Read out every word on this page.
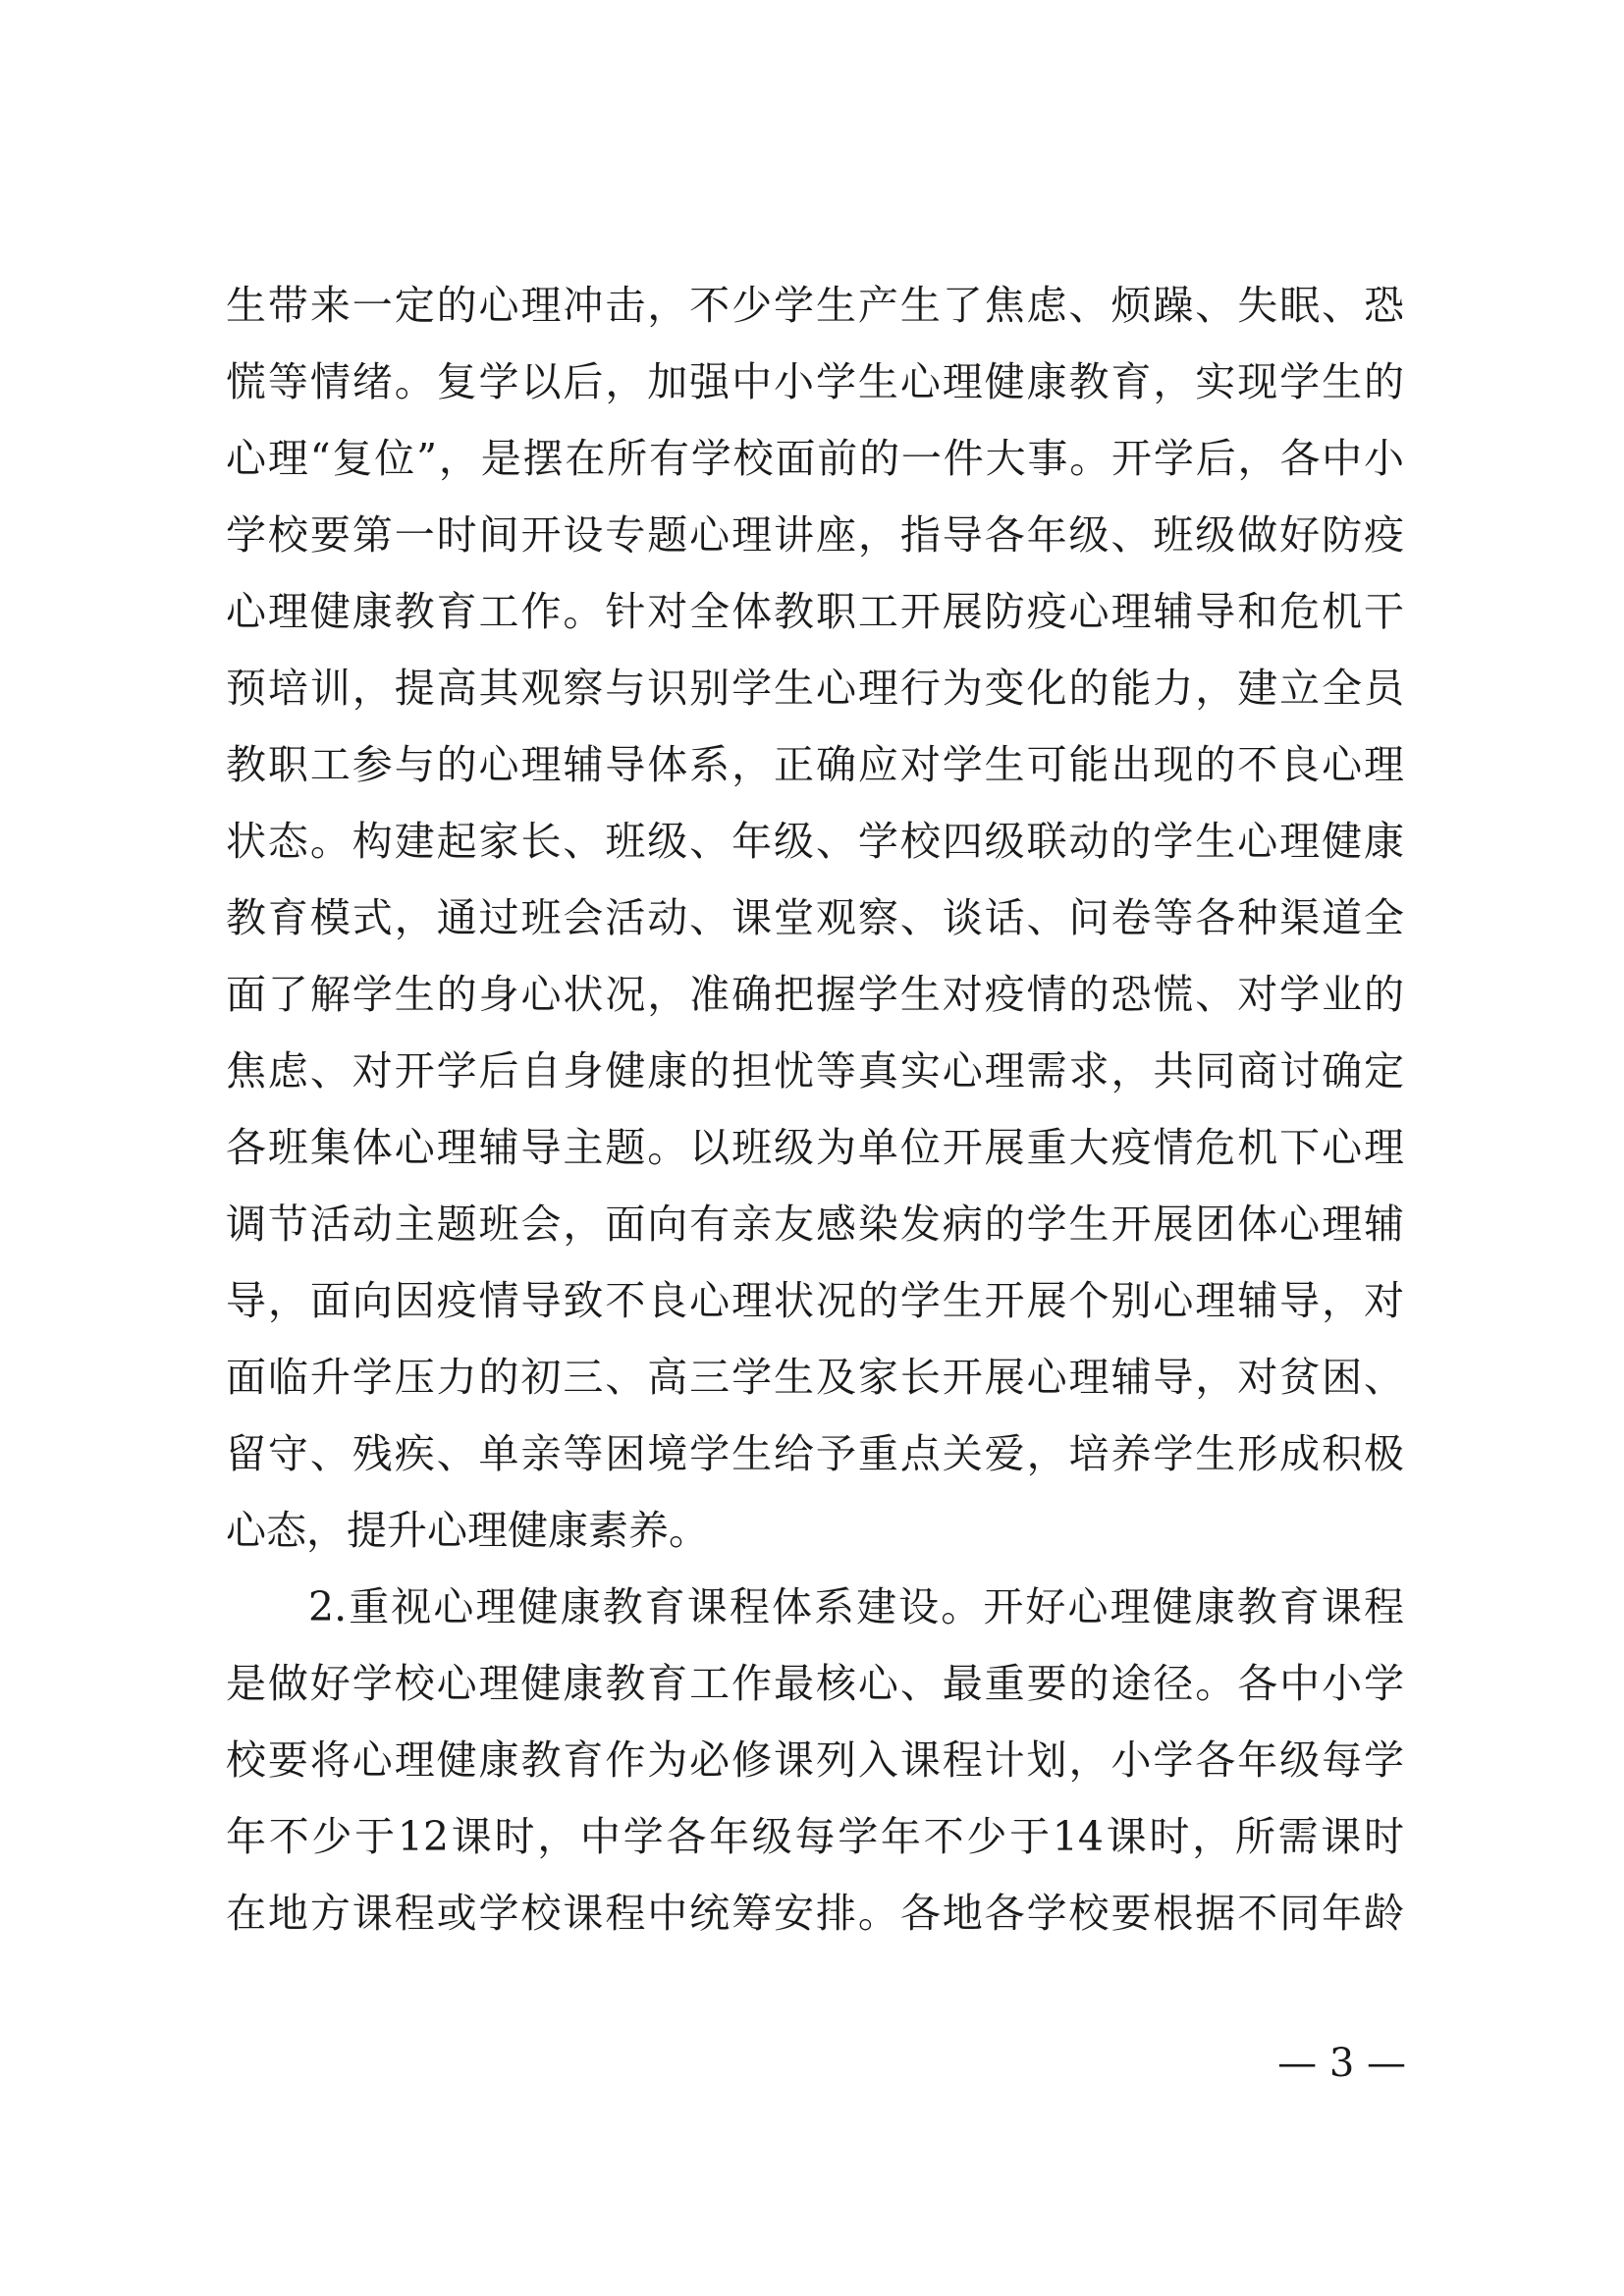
生带来一定的心理冲击，不少学生产生了焦虑、烦躁、失眠、恐
慌等情绪。复学以后，加强中小学生心理健康教育，实现学生的
心理“复位”，是摆在所有学校面前的一件大事。开学后，各中小
学校要第一时间开设专题心理讲座，指导各年级、班级做好防疫
心理健康教育工作。针对全体教职工开展防疫心理辅导和危机干
预培训，提高其观察与识别学生心理行为变化的能力，建立全员
教职工参与的心理辅导体系，正确应对学生可能出现的不良心理
状态。构建起家长、班级、年级、学校四级联动的学生心理健康
教育模式，通过班会活动、课堂观察、谈话、问卷等各种渠道全
面了解学生的身心状况，准确把握学生对疫情的恐慌、对学业的
焦虑、对开学后自身健康的担忧等真实心理需求，共同商讨确定
各班集体心理辅导主题。以班级为单位开展重大疫情危机下心理
调节活动主题班会，面向有亲友感染发病的学生开展团体心理辅
导，面向因疫情导致不良心理状况的学生开展个别心理辅导，对
面临升学压力的初三、高三学生及家长开展心理辅导，对贫困、
留守、残疾、单亲等困境学生给予重点关爱，培养学生形成积极
心态，提升心理健康素养。
2.重视心理健康教育课程体系建设。开好心理健康教育课程
是做好学校心理健康教育工作最核心、最重要的途径。各中小学
校要将心理健康教育作为必修课列入课程计划，小学各年级每学
年不少于12课时，中学各年级每学年不少于14课时，所需课时
在地方课程或学校课程中统筹安排。各地各学校要根据不同年龄
— 3 —
